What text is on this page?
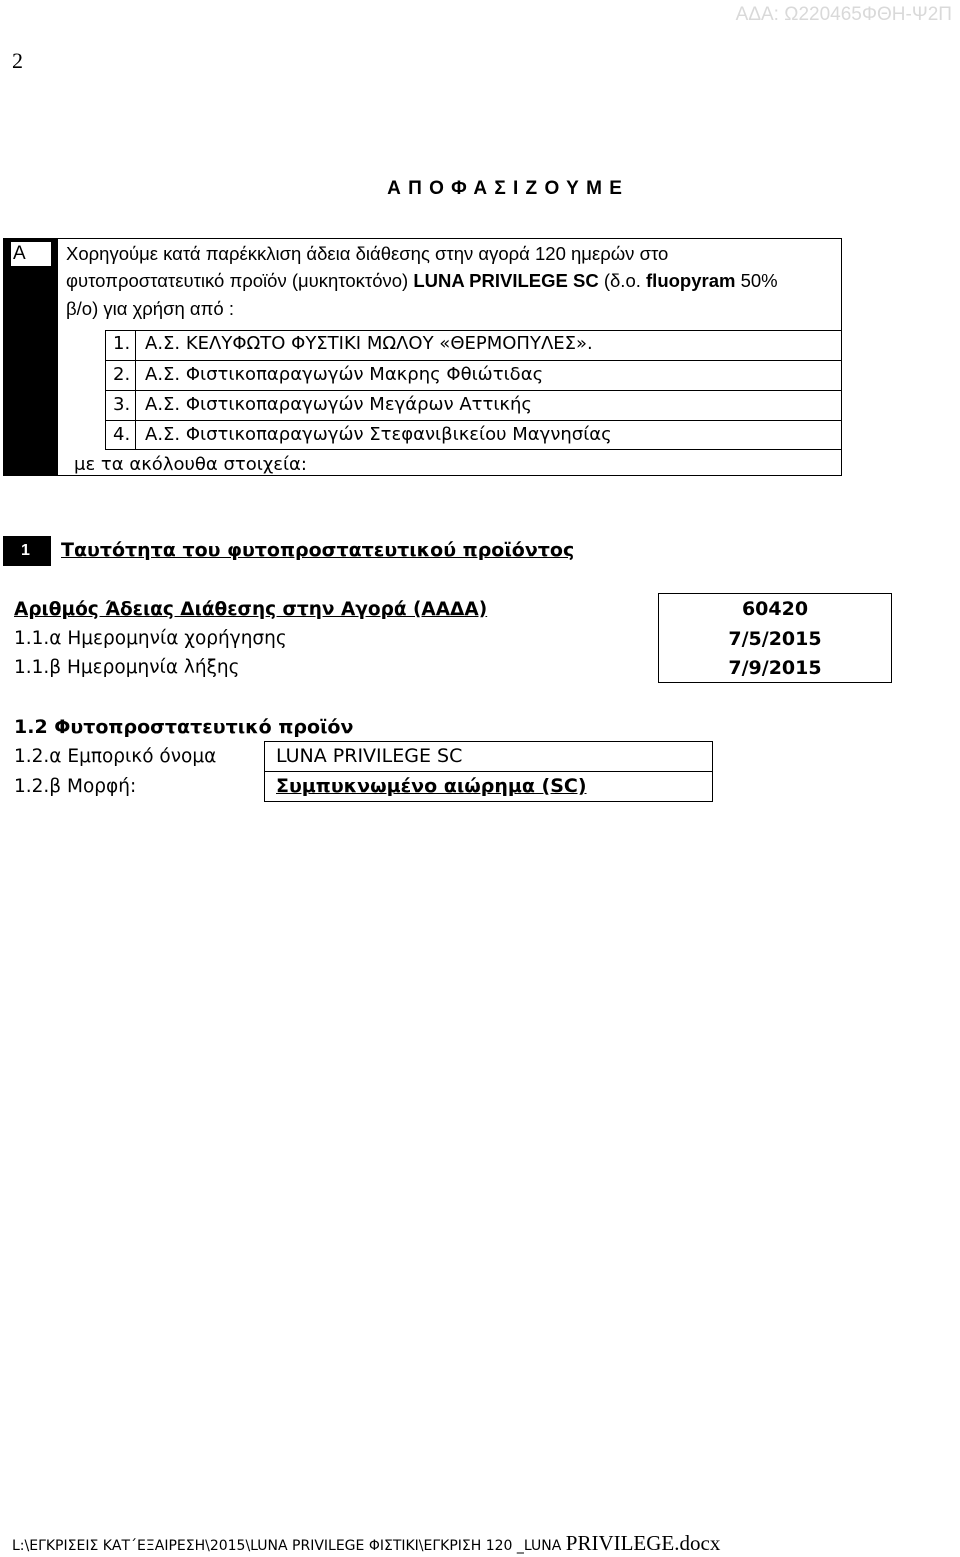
ΑΔΑ: Ω220465ΦΘΗ-Ψ2Π
2
Α Π Ο Φ Α Σ Ι Ζ Ο Υ Μ Ε
Α	Χορηγούμε κατά παρέκκλιση άδεια διάθεσης στην αγορά 120 ημερών στο
φυτοπροστατευτικό προϊόν (μυκητοκτόνο) LUNA PRIVILEGE SC (δ.ο. fluopyram 50%
β/ο) για χρήση από :
1. Α.Σ. ΚΕΛΥΦΩΤΟ ΦΥΣΤΙΚΙ ΜΩΛΟΥ «ΘΕΡΜΟΠΥΛΕΣ».
2. Α.Σ. Φιστικοπαραγωγών Μακρης Φθιώτιδας
3. Α.Σ. Φιστικοπαραγωγών Μεγάρων Αττικής
4. Α.Σ. Φιστικοπαραγωγών Στεφανιβικείου Μαγνησίας
με τα ακόλουθα στοιχεία:
1	Ταυτότητα του φυτοπροστατευτικού προϊόντος
Αριθμός Άδειας Διάθεσης στην Αγορά (ΑΑΔΑ)
1.1.α Ημερομηνία χορήγησης
1.1.β Ημερομηνία λήξης
60420
7/5/2015
7/9/2015
1.2 Φυτοπροστατευτικό προϊόν
1.2.α Εμπορικό όνομα
1.2.β Μορφή:
LUNA PRIVILEGE SC
Συμπυκνωμένο αιώρημα (SC)
L:\ΕΓΚΡΙΣΕΙΣ ΚΑΤ΄ΕΞΑΙΡΕΣΗ\2015\LUNA PRIVILEGE ΦΙΣΤΙΚΙ\ΕΓΚΡΙΣΗ 120 _LUNA PRIVILEGE.docx
